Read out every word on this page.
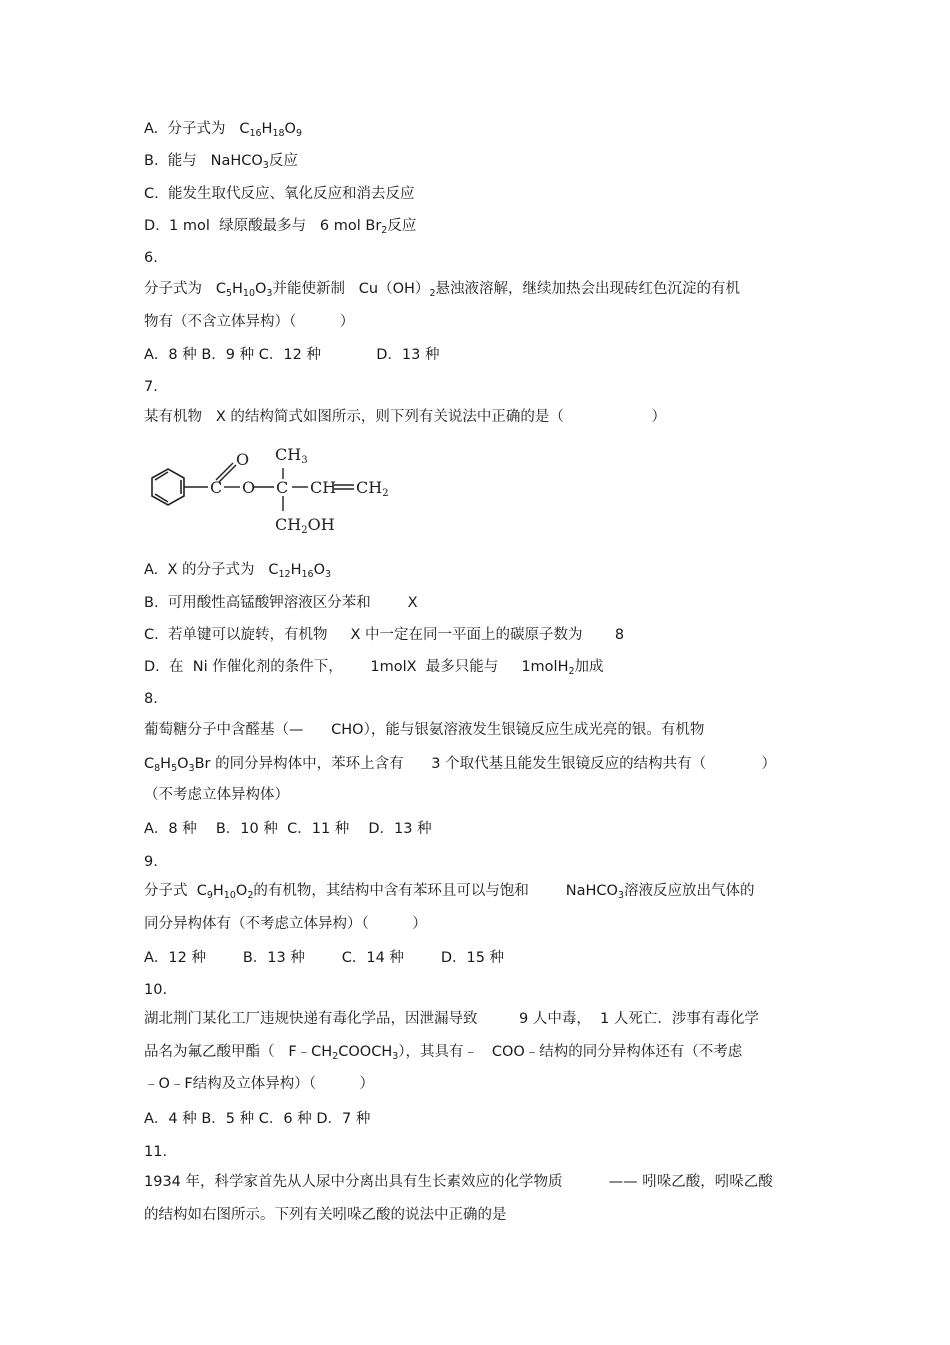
A. 分子式为 $C_{16}H_{18}O_9$
B. 能与 NaHCO$_3$反应
C. 能发生取代反应、氧化反应和消去反应
D. 1 mol  绿原酸最多与 6 mol $Br_2$反应
6.
分子式为 $C_5H_{10}O_3$并能使新制 $Cu(OH)_2$悬浊液溶解，继续加热会出现砖红色沉淀的有机
物有（不含立体异构）（　　　）
A．8 种 B．9 种 C．12 种	D．13 种
7.
某有机物 X 的结构简式如图所示，则下列有关说法中正确的是（	）
C
O
O C CH CH2
CH3
CH2OH
A. X 的分子式为 $C_{12}H_{16}O_3$
B. 可用酸性高锰酸钾溶液区分苯和	X
C. 若单键可以旋转，有机物 X 中一定在同一平面上的碳原子数为 8
D. 在  Ni 作催化剂的条件下， 1molX  最多只能与 1molH$_2$加成
8.
葡萄糖分子中含醛基（— CHO），能与银氨溶液发生银镜反应生成光亮的银。有机物
$C_8H_5O_3Br$ 的同分异构体中，苯环上含有 3 个取代基且能发生银镜反应的结构共有（	）
（不考虑立体异构体）
A．8 种　 B．10 种  C．11 种　 D．13 种
9.
分子式 $C_9H_{10}O_2$的有机物，其结构中含有苯环且可以与饱和	NaHCO$_3$溶液反应放出气体的
同分异构体有（不考虑立体异构）（　　　）
A．12 种	B．13 种	C．14 种	D．15 种
10.
湖北荆门某化工厂违规快递有毒化学品，因泄漏导致	9 人中毒， 1 人死亡．涉事有毒化学
品名为氟乙酸甲酯（ $F﹣CH_2COOCH_3$），其具有﹣ COO﹣结构的同分异构体还有（不考虑
﹣O﹣F结构及立体异构）（　　　）
A．4 种 B．5 种 C．6 种 D．7 种
11.
1934 年，科学家首先从人尿中分离出具有生长素效应的化学物质	—— 吲哚乙酸，吲哚乙酸
的结构如右图所示。下列有关吲哚乙酸的说法中正确的是
